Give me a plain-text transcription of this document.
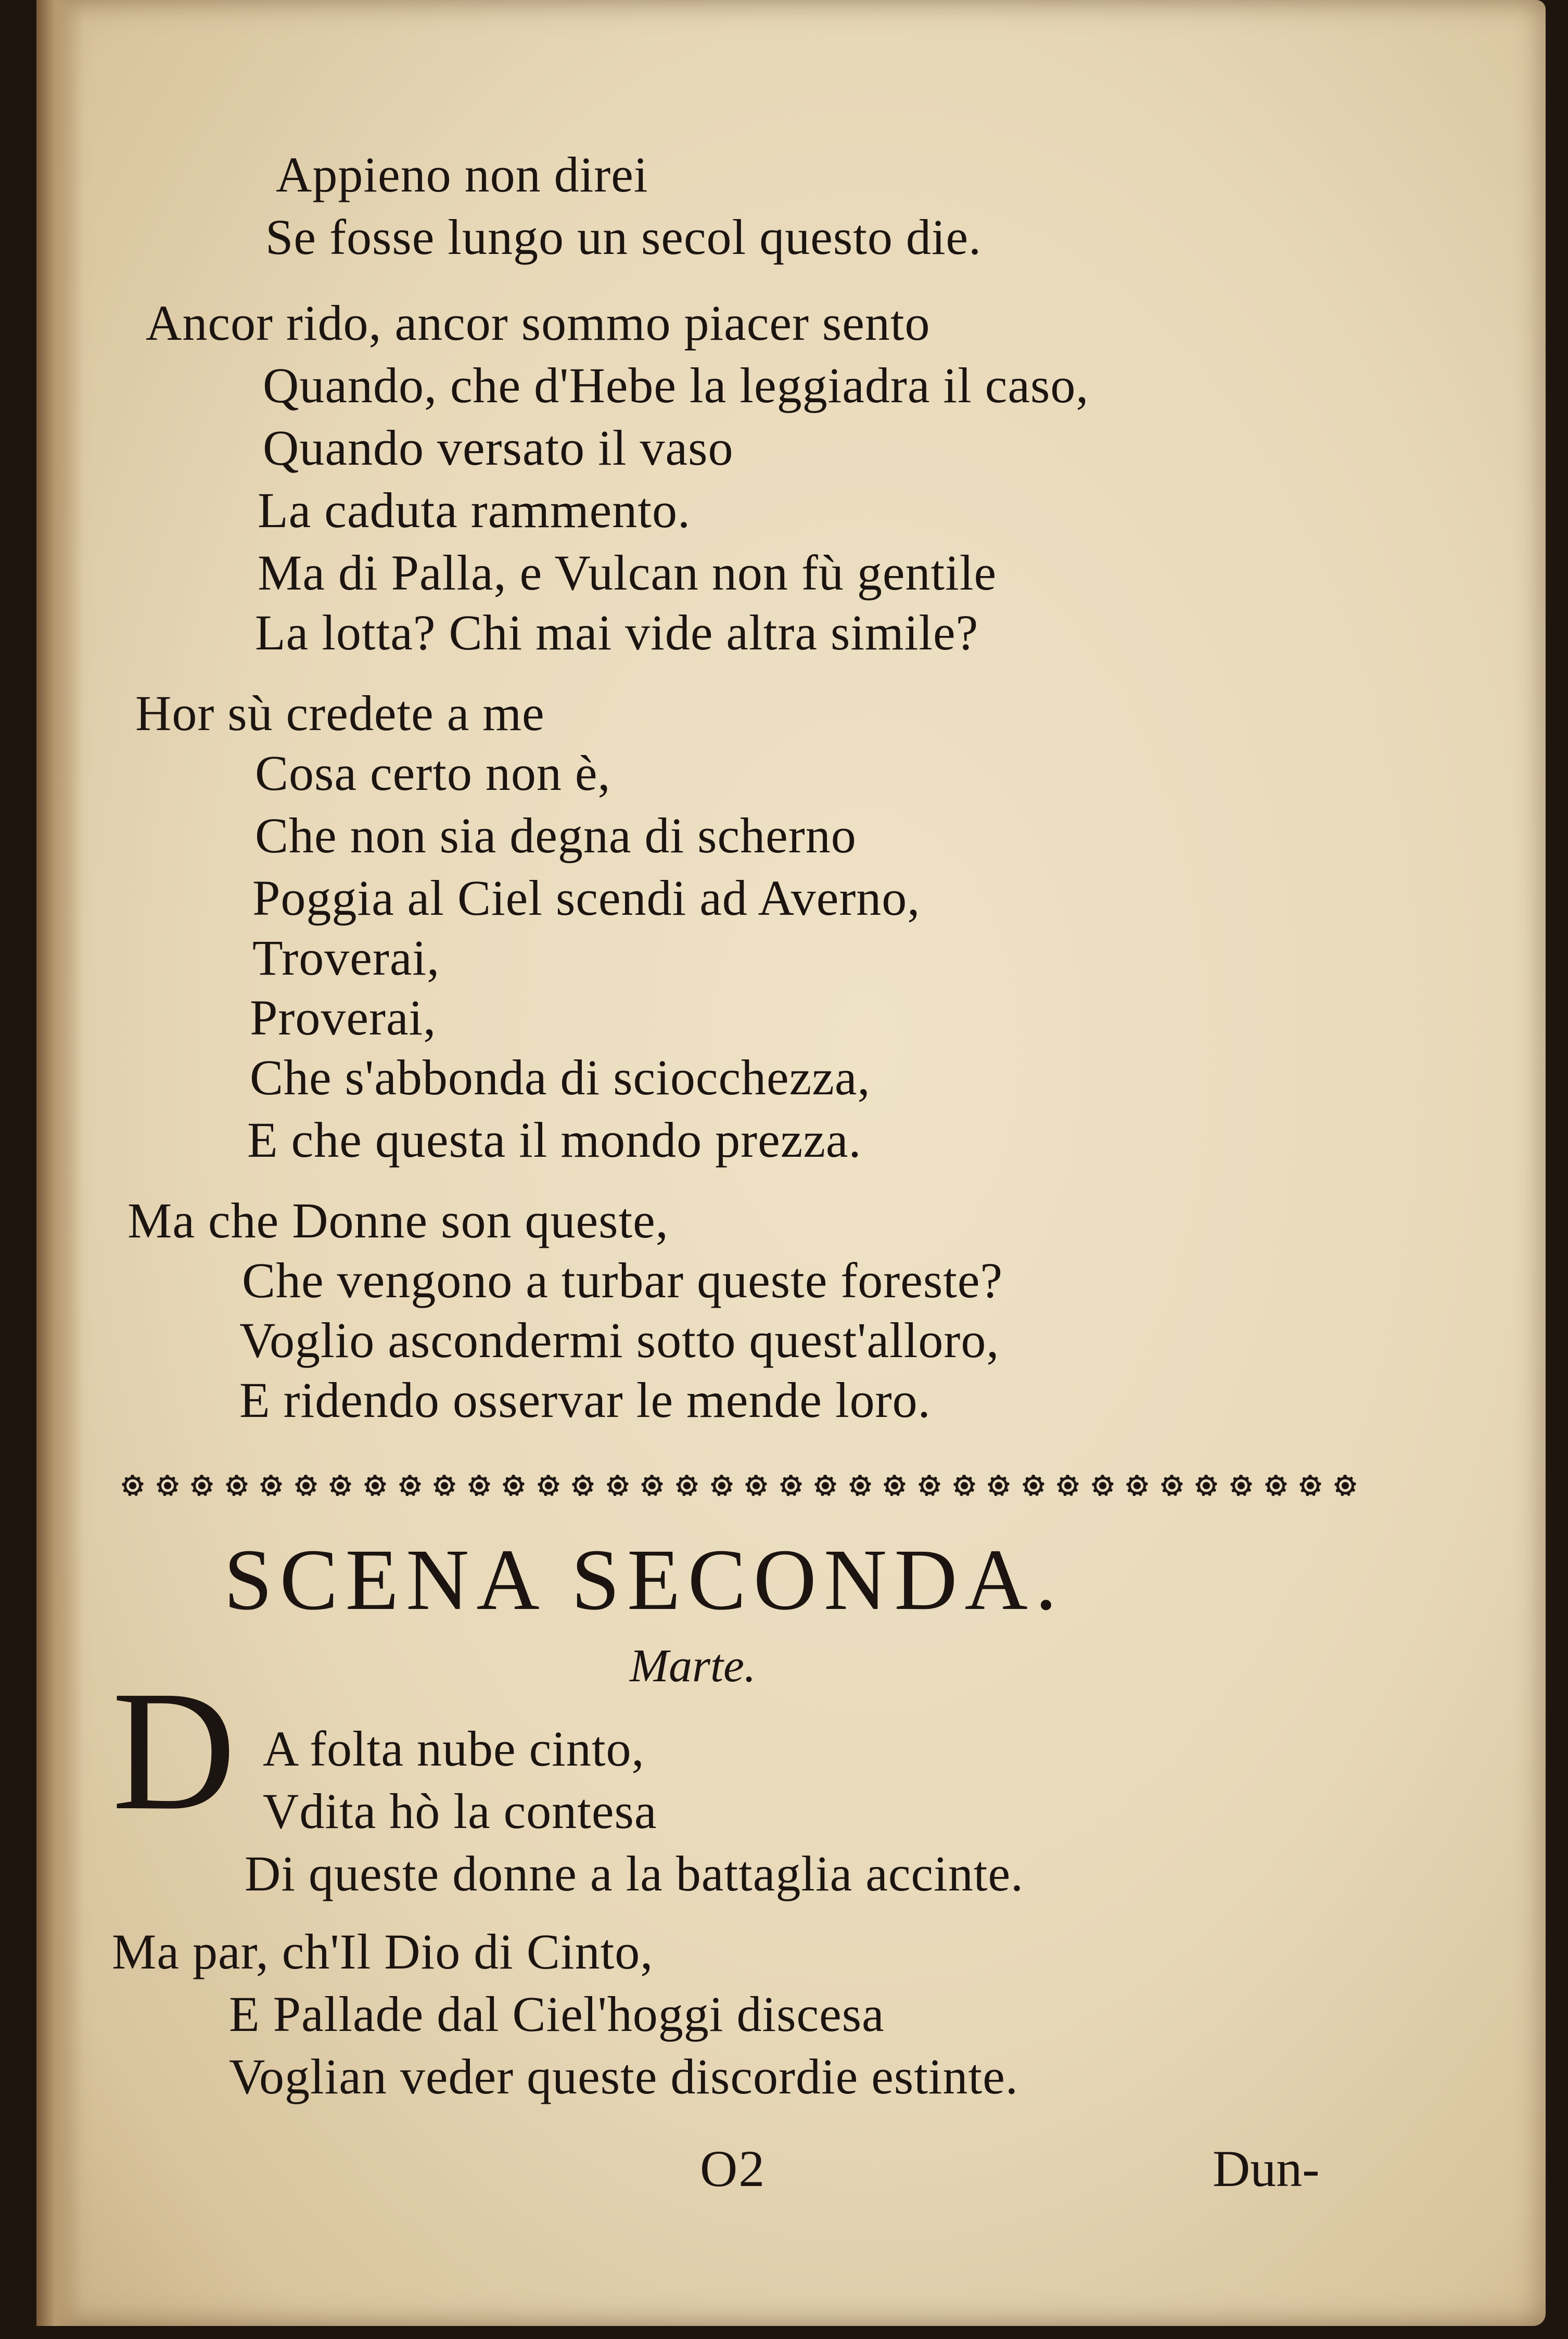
Appieno non direi
Se fosse lungo un secol questo die.
Ancor rido, ancor sommo piacer sento
Quando, che d'Hebe la leggiadra il caso,
Quando versato il vaso
La caduta rammento.
Ma di Palla, e Vulcan non fù gentile
La lotta? Chi mai vide altra simile?
Hor sù credete a me
Cosa certo non è,
Che non sia degna di scherno
Poggia al Ciel scendi ad Averno,
Troverai,
Proverai,
Che s'abbonda di sciocchezza,
E che questa il mondo prezza.
Ma che Donne son queste,
Che vengono a turbar queste foreste?
Voglio ascondermi sotto quest'alloro,
E ridendo osservar le mende loro.
SCENA SECONDA.
Marte.
D A folta nube cinto,
Vdita hò la contesa
Di queste donne a la battaglia accinte.
Ma par, ch'Il Dio di Cinto,
E Pallade dal Ciel'hoggi discesa
Voglian veder queste discordie estinte.
O2	Dun-
